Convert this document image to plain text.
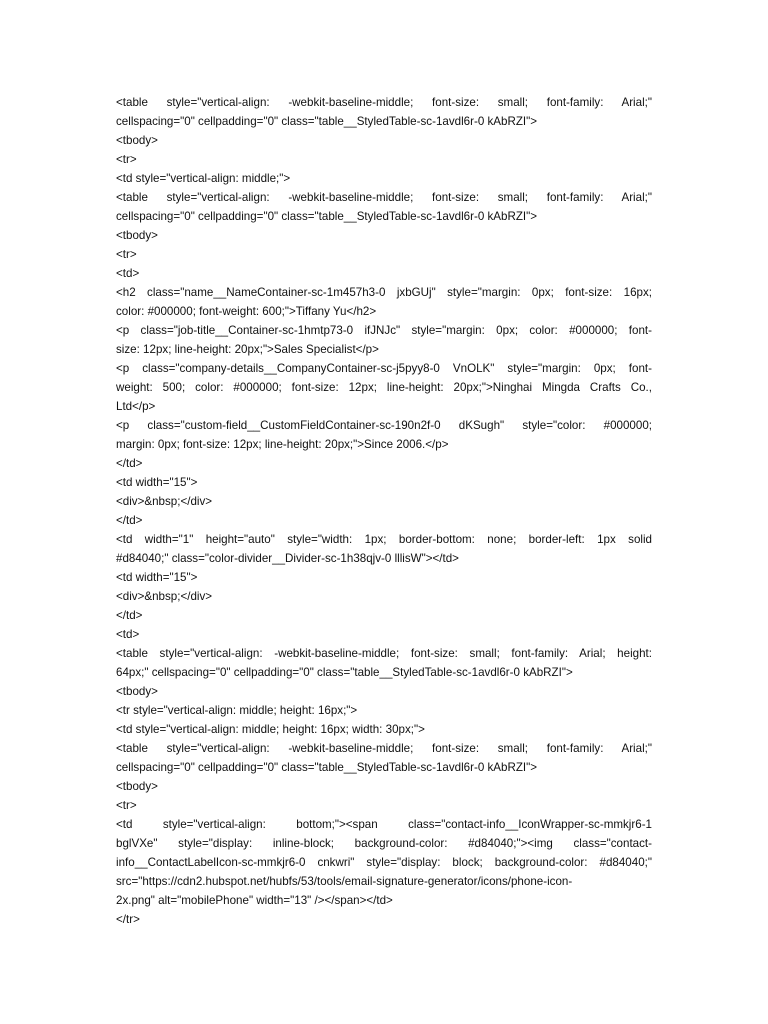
<table style="vertical-align: -webkit-baseline-middle; font-size: small; font-family: Arial;"
cellspacing="0" cellpadding="0" class="table__StyledTable-sc-1avdl6r-0 kAbRZI">
<tbody>
<tr>
<td style="vertical-align: middle;">
<table style="vertical-align: -webkit-baseline-middle; font-size: small; font-family: Arial;"
cellspacing="0" cellpadding="0" class="table__StyledTable-sc-1avdl6r-0 kAbRZI">
<tbody>
<tr>
<td>
<h2 class="name__NameContainer-sc-1m457h3-0 jxbGUj" style="margin: 0px; font-size: 16px;
color: #000000; font-weight: 600;">Tiffany Yu</h2>
<p class="job-title__Container-sc-1hmtp73-0 ifJNJc" style="margin: 0px; color: #000000; font-
size: 12px; line-height: 20px;">Sales Specialist</p>
<p class="company-details__CompanyContainer-sc-j5pyy8-0 VnOLK" style="margin: 0px; font-
weight: 500; color: #000000; font-size: 12px; line-height: 20px;">Ninghai Mingda Crafts Co.,
Ltd</p>
<p class="custom-field__CustomFieldContainer-sc-190n2f-0 dKSugh" style="color: #000000;
margin: 0px; font-size: 12px; line-height: 20px;">Since 2006.</p>
</td>
<td width="15">
<div>&nbsp;</div>
</td>
<td width="1" height="auto" style="width: 1px; border-bottom: none; border-left: 1px solid
#d84040;" class="color-divider__Divider-sc-1h38qjv-0 lllisW"></td>
<td width="15">
<div>&nbsp;</div>
</td>
<td>
<table style="vertical-align: -webkit-baseline-middle; font-size: small; font-family: Arial; height:
64px;" cellspacing="0" cellpadding="0" class="table__StyledTable-sc-1avdl6r-0 kAbRZI">
<tbody>
<tr style="vertical-align: middle; height: 16px;">
<td style="vertical-align: middle; height: 16px; width: 30px;">
<table style="vertical-align: -webkit-baseline-middle; font-size: small; font-family: Arial;"
cellspacing="0" cellpadding="0" class="table__StyledTable-sc-1avdl6r-0 kAbRZI">
<tbody>
<tr>
<td style="vertical-align: bottom;"><span class="contact-info__IconWrapper-sc-mmkjr6-1
bglVXe" style="display: inline-block; background-color: #d84040;"><img class="contact-
info__ContactLabelIcon-sc-mmkjr6-0 cnkwri" style="display: block; background-color: #d84040;"
src="https://cdn2.hubspot.net/hubfs/53/tools/email-signature-generator/icons/phone-icon-
2x.png" alt="mobilePhone" width="13" /></span></td>
</tr>
